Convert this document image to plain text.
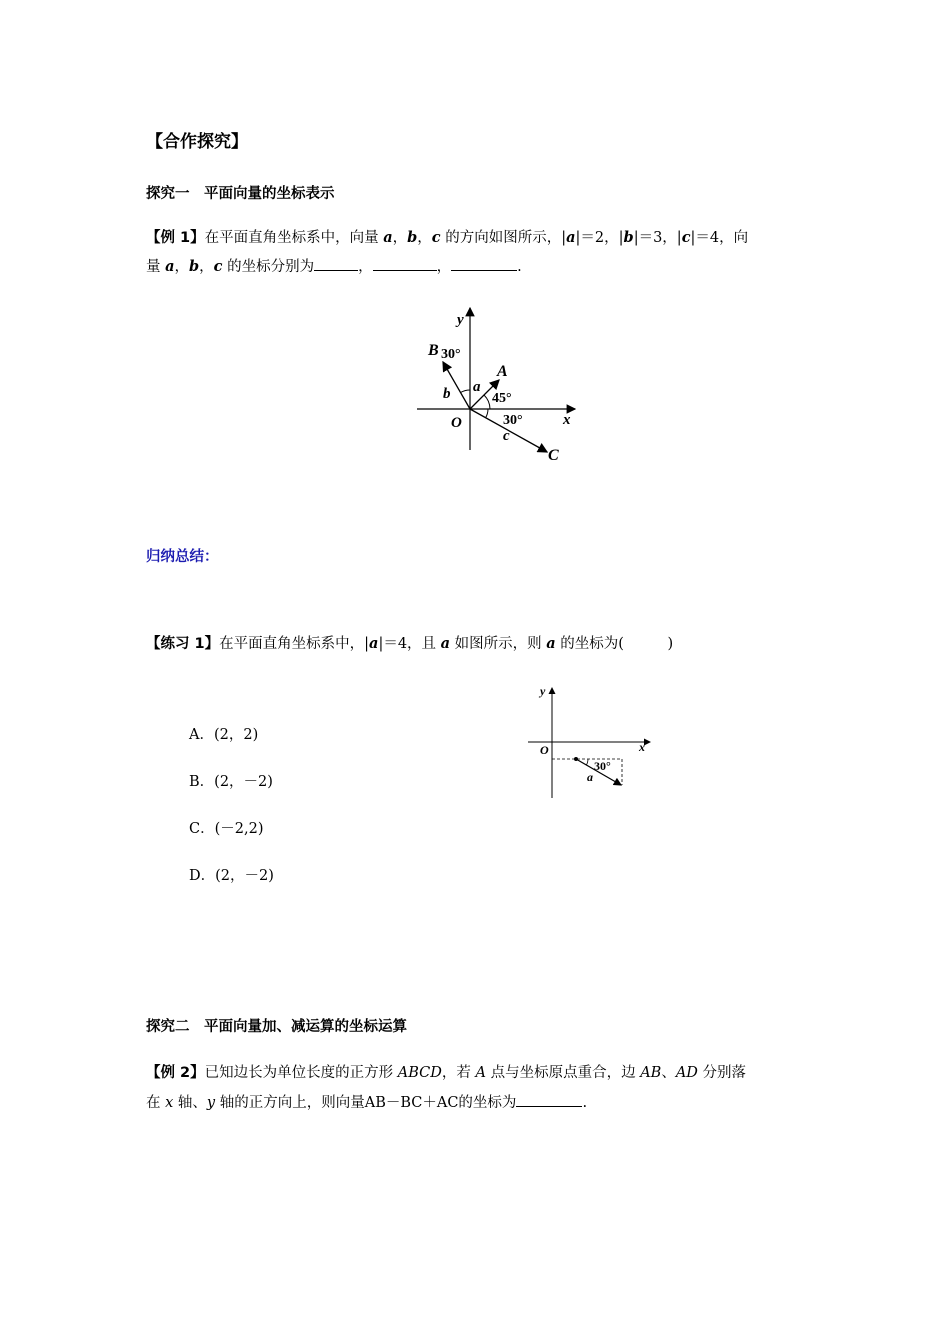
【合作探究】
探究一　平面向量的坐标表示
【例 1】在平面直角坐标系中，向量 a，b，c 的方向如图所示，|a|＝2，|b|＝3，|c|＝4，向
量 a，b，c 的坐标分别为	，	，	.
y
x
O
B 30°
A
a
45°
b
30°
c
C
归纳总结：
【练习 1】在平面直角坐标系中，|a|＝4，且 a 如图所示，则 a 的坐标为(　　　)
A．(2，2)
B．(2，－2)
C．(－2,2)
D．(2，－2)
y
x
O
30°
a
探究二　平面向量加、减运算的坐标运算
【例 2】已知边长为单位长度的正方形 ABCD，若 A 点与坐标原点重合，边 AB、AD 分别落
在 x 轴、y 轴的正方向上，则向量AB－BC＋AC的坐标为	.
